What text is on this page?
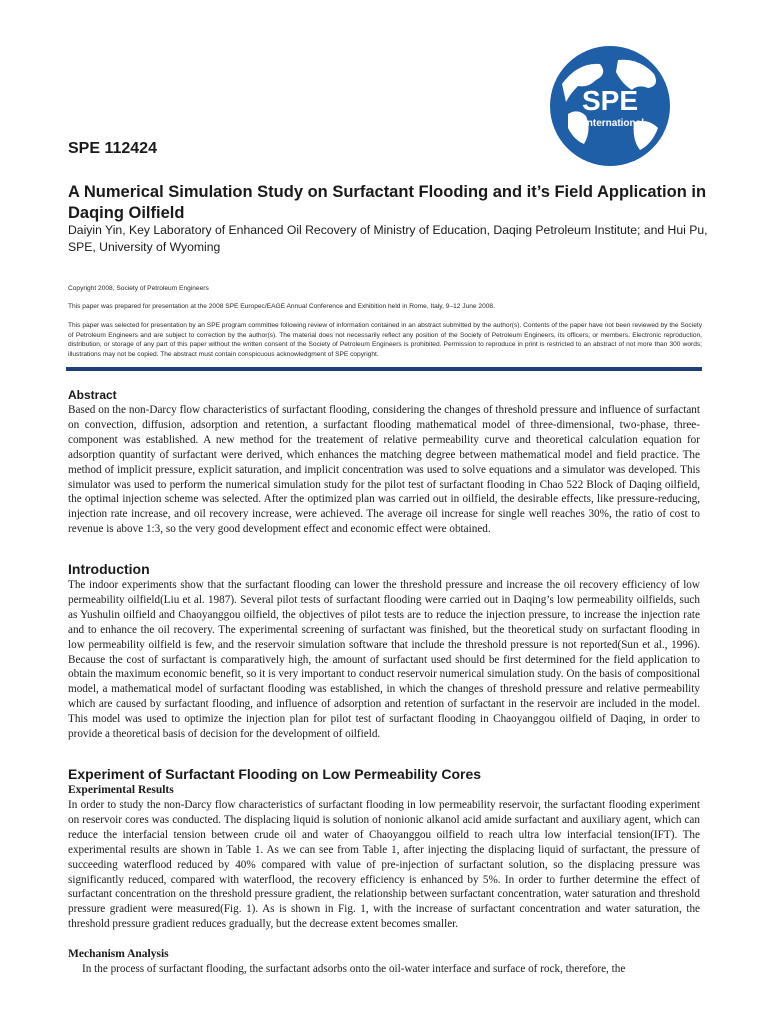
SPE
International
SPE 112424
A Numerical Simulation Study on Surfactant Flooding and it’s Field Application in Daqing Oilfield
Daiyin Yin, Key Laboratory of Enhanced Oil Recovery of Ministry of Education, Daqing Petroleum Institute; and Hui Pu, SPE, University of Wyoming
Copyright 2008, Society of Petroleum Engineers
This paper was prepared for presentation at the 2008 SPE Europec/EAGE Annual Conference and Exhibition held in Rome, Italy, 9–12 June 2008.
This paper was selected for presentation by an SPE program committee following review of information contained in an abstract submitted by the author(s). Contents of the paper have not been reviewed by the Society of Petroleum Engineers and are subject to correction by the author(s). The material does not necessarily reflect any position of the Society of Petroleum Engineers, its officers, or members. Electronic reproduction, distribution, or storage of any part of this paper without the written consent of the Society of Petroleum Engineers is prohibited. Permission to reproduce in print is restricted to an abstract of not more than 300 words; illustrations may not be copied. The abstract must contain conspicuous acknowledgment of SPE copyright.
Abstract

Based on the non-Darcy flow characteristics of surfactant flooding, considering the changes of threshold pressure and influence of surfactant on convection, diffusion, adsorption and retention, a surfactant flooding mathematical model of three-dimensional, two-phase, three-component was established. A new method for the treatement of relative permeability curve and theoretical calculation equation for adsorption quantity of surfactant were derived, which enhances the matching degree between mathematical model and field practice. The method of implicit pressure, explicit saturation, and implicit concentration was used to solve equations and a simulator was developed. This simulator was used to perform the numerical simulation study for the pilot test of surfactant flooding in Chao 522 Block of Daqing oilfield, the optimal injection scheme was selected. After the optimized plan was carried out in oilfield, the desirable effects, like pressure-reducing, injection rate increase, and oil recovery increase, were achieved. The average oil increase for single well reaches 30%, the ratio of cost to revenue is above 1:3, so the very good development effect and economic effect were obtained.

Introduction

The indoor experiments show that the surfactant flooding can lower the threshold pressure and increase the oil recovery efficiency of low permeability oilfield(Liu et al. 1987). Several pilot tests of surfactant flooding were carried out in Daqing’s low permeability oilfields, such as Yushulin oilfield and Chaoyanggou oilfield, the objectives of pilot tests are to reduce the injection pressure, to increase the injection rate and to enhance the oil recovery. The experimental screening of surfactant was finished, but the theoretical study on surfactant flooding in low permeability oilfield is few, and the reservoir simulation software that include the threshold pressure is not reported(Sun et al., 1996). Because the cost of surfactant is comparatively high, the amount of surfactant used should be first determined for the field application to obtain the maximum economic benefit, so it is very important to conduct reservoir numerical simulation study. On the basis of compositional model, a mathematical model of surfactant flooding was established, in which the changes of threshold pressure and relative permeability which are caused by surfactant flooding, and influence of adsorption and retention of surfactant in the reservoir are included in the model. This model was used to optimize the injection plan for pilot test of surfactant flooding in Chaoyanggou oilfield of Daqing, in order to provide a theoretical basis of decision for the development of oilfield.

Experiment of Surfactant Flooding on Low Permeability Cores
Experimental Results

In order to study the non-Darcy flow characteristics of surfactant flooding in low permeability reservoir, the surfactant flooding experiment on reservoir cores was conducted. The displacing liquid is solution of nonionic alkanol acid amide surfactant and auxiliary agent, which can reduce the interfacial tension between crude oil and water of Chaoyanggou oilfield to reach ultra low interfacial tension(IFT). The experimental results are shown in Table 1. As we can see from Table 1, after injecting the displacing liquid of surfactant, the pressure of succeeding waterflood reduced by 40% compared with value of pre-injection of surfactant solution, so the displacing pressure was significantly reduced, compared with waterflood, the recovery efficiency is enhanced by 5%. In order to further determine the effect of surfactant concentration on the threshold pressure gradient, the relationship between surfactant concentration, water saturation and threshold pressure gradient were measured(Fig. 1). As is shown in Fig. 1, with the increase of surfactant concentration and water saturation, the threshold pressure gradient reduces gradually, but the decrease extent becomes smaller.

Mechanism Analysis

In the process of surfactant flooding, the surfactant adsorbs onto the oil-water interface and surface of rock, therefore, the
